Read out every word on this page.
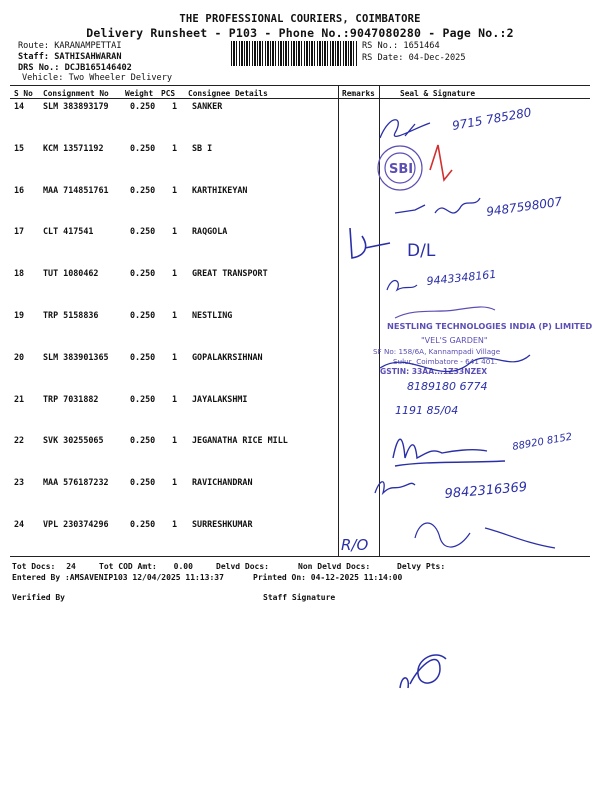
THE PROFESSIONAL COURIERS, COIMBATORE
Delivery Runsheet - P103 - Phone No.:9047080280 - Page No.:2
Route: KARANAMPETTAI
Staff: SATHISAHWARAN
DRS No.: DCJB165146402
Vehicle: Two Wheeler Delivery
RS No.: 1651464
RS Date: 04-Dec-2025
S No Consignment No Weight PCS Consignee Details	Remarks	Seal & Signature
14 SLM 383893179	0.250 1 SANKER
15 KCM 13571192	0.250 1 SB I
16 MAA 714851761	0.250 1 KARTHIKEYAN
17 CLT 417541	0.250 1 RAQGOLA
18 TUT 1080462	0.250 1 GREAT TRANSPORT
19 TRP 5158836	0.250 1 NESTLING
20 SLM 383901365	0.250 1 GOPALAKRSIHNAN
21 TRP 7031882	0.250 1 JAYALAKSHMI
22 SVK 30255065	0.250 1 JEGANATHA RICE MILL
23 MAA 576187232	0.250 1 RAVICHANDRAN
24 VPL 230374296	0.250 1 SURRESHKUMAR
9715 785280
SBI
9487598007
D/L
9443348161
NESTLING TECHNOLOGIES INDIA (P) LIMITED
"VEL'S GARDEN"
SF No: 158/6A, Kannampadi Village
Sulur, Coimbatore - 641 401.
GSTIN: 33AA...1Z33NZEX
8189180 6774
1191 85/04
88920 8152
9842316369
R/O
Tot Docs: 24	Tot COD Amt: 0.00	Delvd Docs:	Non Delvd Docs:	Delvy Pts:
Entered By :AMSAVENIP103 12/04/2025 11:13:37	Printed On: 04-12-2025 11:14:00
Verified By	Staff Signature
